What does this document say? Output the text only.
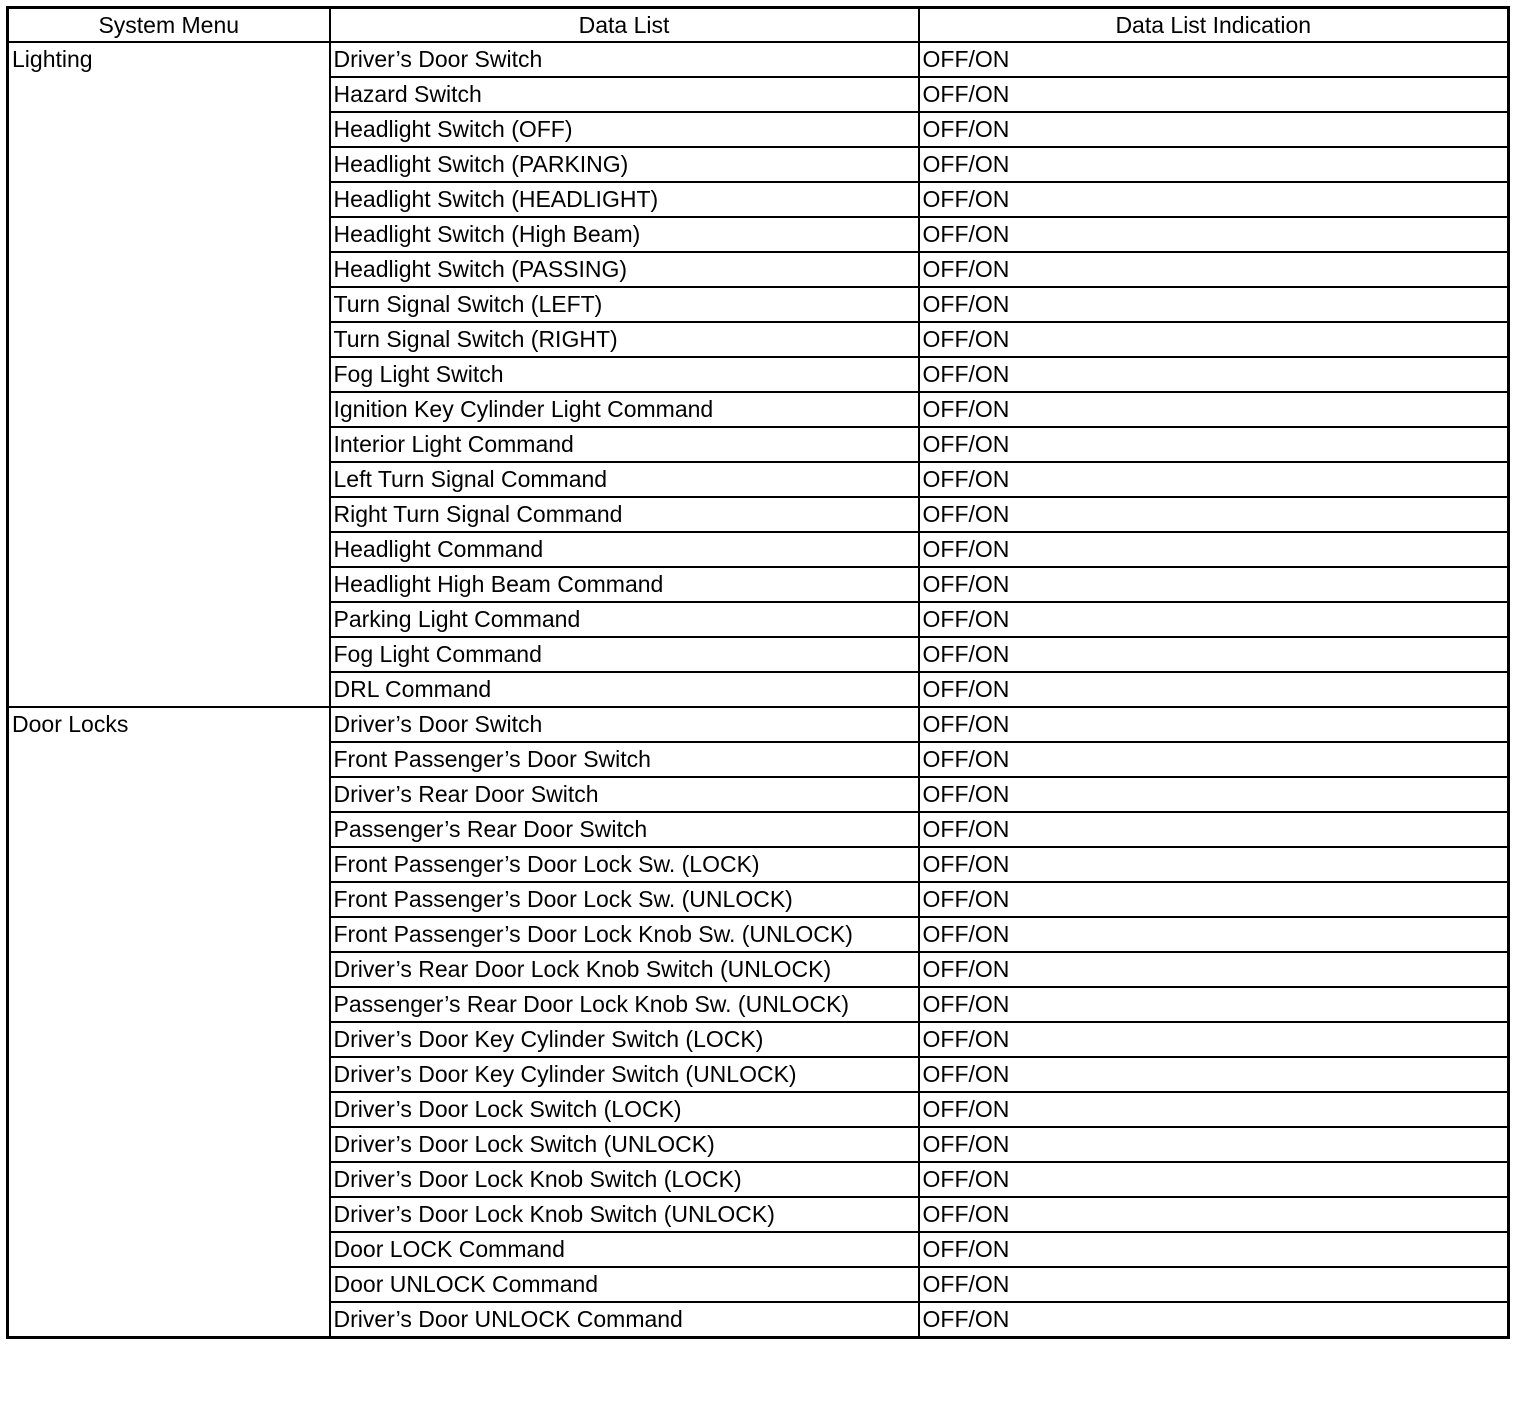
System Menu	Data List	Data List Indication
Lighting	Driver’s Door Switch	OFF/ON
	Hazard Switch	OFF/ON
	Headlight Switch (OFF)	OFF/ON
	Headlight Switch (PARKING)	OFF/ON
	Headlight Switch (HEADLIGHT)	OFF/ON
	Headlight Switch (High Beam)	OFF/ON
	Headlight Switch (PASSING)	OFF/ON
	Turn Signal Switch (LEFT)	OFF/ON
	Turn Signal Switch (RIGHT)	OFF/ON
	Fog Light Switch	OFF/ON
	Ignition Key Cylinder Light Command	OFF/ON
	Interior Light Command	OFF/ON
	Left Turn Signal Command	OFF/ON
	Right Turn Signal Command	OFF/ON
	Headlight Command	OFF/ON
	Headlight High Beam Command	OFF/ON
	Parking Light Command	OFF/ON
	Fog Light Command	OFF/ON
	DRL Command	OFF/ON
Door Locks	Driver’s Door Switch	OFF/ON
	Front Passenger’s Door Switch	OFF/ON
	Driver’s Rear Door Switch	OFF/ON
	Passenger’s Rear Door Switch	OFF/ON
	Front Passenger’s Door Lock Sw. (LOCK)	OFF/ON
	Front Passenger’s Door Lock Sw. (UNLOCK)	OFF/ON
	Front Passenger’s Door Lock Knob Sw. (UNLOCK)	OFF/ON
	Driver’s Rear Door Lock Knob Switch (UNLOCK)	OFF/ON
	Passenger’s Rear Door Lock Knob Sw. (UNLOCK)	OFF/ON
	Driver’s Door Key Cylinder Switch (LOCK)	OFF/ON
	Driver’s Door Key Cylinder Switch (UNLOCK)	OFF/ON
	Driver’s Door Lock Switch (LOCK)	OFF/ON
	Driver’s Door Lock Switch (UNLOCK)	OFF/ON
	Driver’s Door Lock Knob Switch (LOCK)	OFF/ON
	Driver’s Door Lock Knob Switch (UNLOCK)	OFF/ON
	Door LOCK Command	OFF/ON
	Door UNLOCK Command	OFF/ON
	Driver’s Door UNLOCK Command	OFF/ON
